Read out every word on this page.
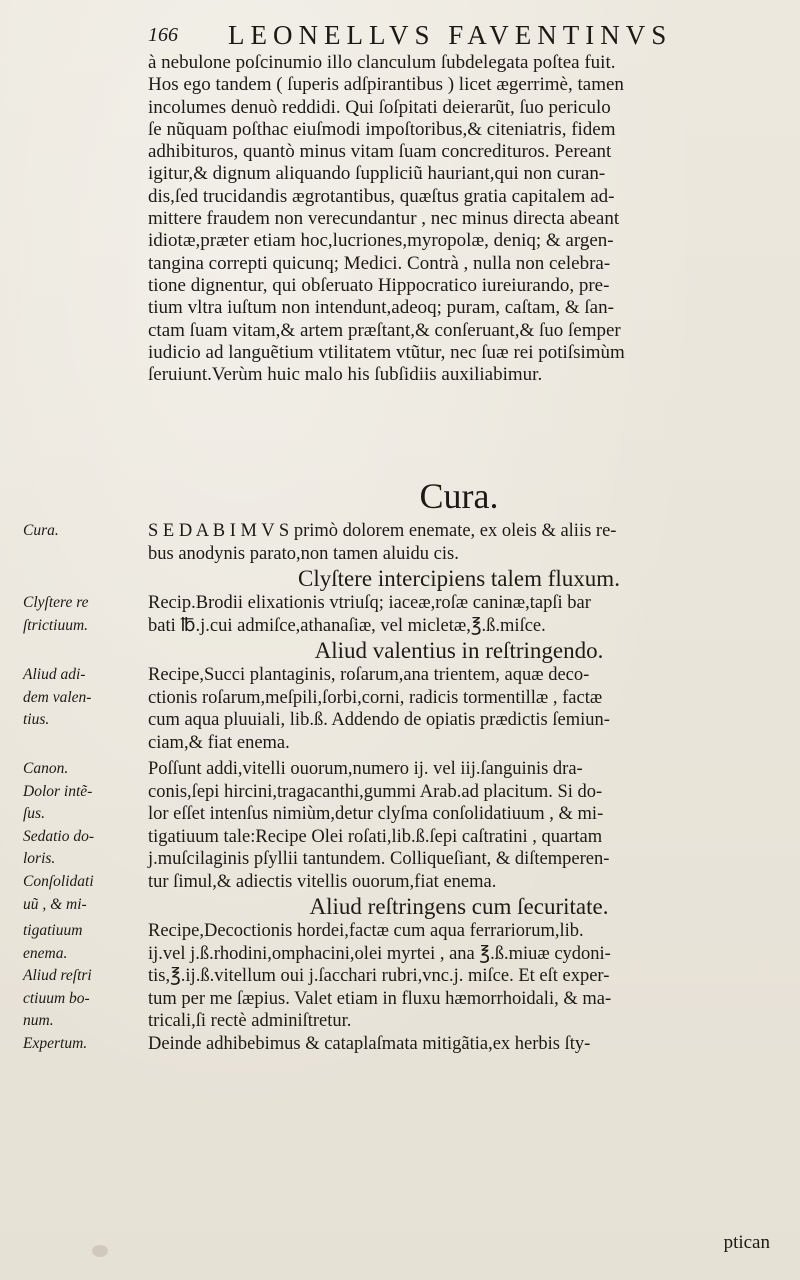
166 LEONELLVS FAVENTINVS
à nebulone poſcinumio illo clanculum ſubdelegata poſtea fuit.
Hos ego tandem ( ſuperis adſpirantibus ) licet ægerrimè, tamen
incolumes denuò reddidi. Qui ſoſpitati deierarũt, ſuo periculo
ſe nũquam poſthac eiuſmodi impoſtoribus,& citeniatris, fidem
adhibituros, quantò minus vitam ſuam concredituros. Pereant
igitur,& dignum aliquando ſuppliciũ hauriant,qui non curan-
dis,ſed trucidandis ægrotantibus, quæſtus gratia capitalem ad-
mittere fraudem non verecundantur , nec minus directa abeant
idiotæ,præter etiam hoc,lucriones,myropolæ, deniq; & argen-
tangina correpti quicunq; Medici. Contrà , nulla non celebra-
tione dignentur, qui obſeruato Hippocratico iureiurando, pre-
tium vltra iuſtum non intendunt,adeoq; puram, caſtam, & ſan-
ctam ſuam vitam,& artem præſtant,& conſeruant,& ſuo ſemper
iudicio ad languẽtium vtilitatem vtũtur, nec ſuæ rei potiſsimùm
ſeruiunt.Verùm huic malo his ſubſidiis auxiliabimur.
Cura.
Cura.	S E D A B I M V S primò dolorem enemate, ex oleis & aliis re-
bus anodynis parato,non tamen aluidu cis.
Clyſtere intercipiens talem fluxum.
Clyſtere re	Recip.Brodii elixationis vtriuſq; iaceæ,roſæ caninæ,tapſi bar
ſtrictiuum.	bati ℔.j.cui admiſce,athanaſiæ, vel micletæ,℥.ß.miſce.
Aliud valentius in reſtringendo.
Aliud adi-	Recipe,Succi plantaginis, roſarum,ana trientem, aquæ deco-
dem valen-	ctionis roſarum,meſpili,ſorbi,corni, radicis tormentillæ , factæ
tius.	cum aqua pluuiali, lib.ß. Addendo de opiatis prædictis ſemiun-
ciam,& fiat enema.
Canon.	Poſſunt addi,vitelli ouorum,numero ij. vel iij.ſanguinis dra-
Dolor intẽ-	conis,ſepi hircini,tragacanthi,gummi Arab.ad placitum. Si do-
ſus.	lor eſſet intenſus nimiùm,detur clyſma conſolidatiuum , & mi-
Sedatio do-	tigatiuum tale:Recipe Olei roſati,lib.ß.ſepi caſtratini , quartam
loris.	j.muſcilaginis pſyllii tantundem. Colliqueſiant, & diſtemperen-
Conſolidati	tur ſimul,& adiectis vitellis ouorum,fiat enema.
uũ , & mi-	Aliud reſtringens cum ſecuritate.
tigatiuum	Recipe,Decoctionis hordei,factæ cum aqua ferrariorum,lib.
enema.	ij.vel j.ß.rhodini,omphacini,olei myrtei , ana ℥.ß.miuæ cydoni-
Aliud reſtri	tis,℥.ij.ß.vitellum oui j.ſacchari rubri,vnc.j. miſce. Et eſt exper-
ctiuum bo-	tum per me ſæpius. Valet etiam in fluxu hæmorrhoidali, & ma-
num.	tricali,ſi rectè adminiſtretur.
Expertum.	Deinde adhibebimus & cataplaſmata mitigãtia,ex herbis ſty-
ptican
